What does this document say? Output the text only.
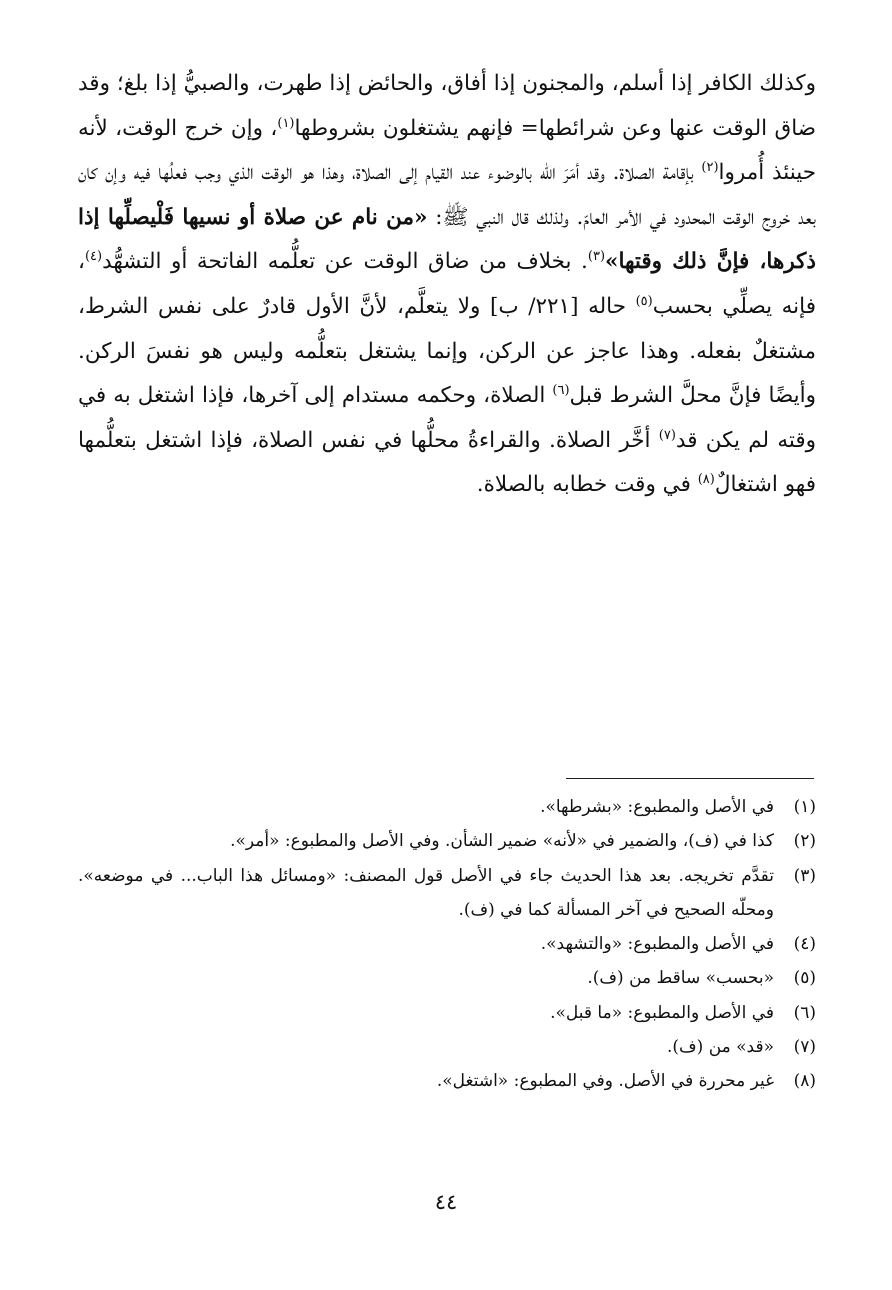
وكذلك الكافر إذا أسلم، والمجنون إذا أفاق، والحائض إذا طهرت، والصبيُّ إذا بلغ؛ وقد ضاق الوقت عنها وعن شرائطها= فإنهم يشتغلون بشروطها$^{(١)}$، وإن خرج الوقت، لأنه حينئذ أُمروا$^{(٢)}$ بإقامة الصلاة. وقد أمَرَ الله بالوضوء عند القيام إلى الصلاة، وهذا هو الوقت الذي وجب فعلُها فيه وإن كان بعد خروج الوقت المحدود في الأمر العامّ. ولذلك قال النبي ﷺ: «من نام عن صلاة أو نسيها فَلْيصلِّها إذا ذكرها، فإنَّ ذلك وقتها»$^{(٣)}$. بخلاف من ضاق الوقت عن تعلُّمه الفاتحة أو التشهُّد$^{(٤)}$، فإنه يصلِّي بحسب$^{(٥)}$ حاله [٢٢١/ ب] ولا يتعلَّم، لأنَّ الأول قادرٌ على نفس الشرط، مشتغلٌ بفعله. وهذا عاجز عن الركن، وإنما يشتغل بتعلُّمه وليس هو نفسَ الركن. وأيضًا فإنَّ محلَّ الشرط قبل$^{(٦)}$ الصلاة، وحكمه مستدام إلى آخرها، فإذا اشتغل به في وقته لم يكن قد$^{(٧)}$ أخَّر الصلاة. والقراءةُ محلُّها في نفس الصلاة، فإذا اشتغل بتعلُّمها فهو اشتغالٌ$^{(٨)}$ في وقت خطابه بالصلاة.

(١)
في الأصل والمطبوع: «بشرطها».
(٢)
كذا في (ف)، والضمير في «لأنه» ضمير الشأن. وفي الأصل والمطبوع: «أمر».
(٣)
تقدَّم تخريجه. بعد هذا الحديث جاء في الأصل قول المصنف: «ومسائل هذا الباب... في موضعه». ومحلّه الصحيح في آخر المسألة كما في (ف).
(٤)
في الأصل والمطبوع: «والتشهد».
(٥)
«بحسب» ساقط من (ف).
(٦)
في الأصل والمطبوع: «ما قبل».
(٧)
«قد» من (ف).
(٨)
غير محررة في الأصل. وفي المطبوع: «اشتغل».
٤٤
